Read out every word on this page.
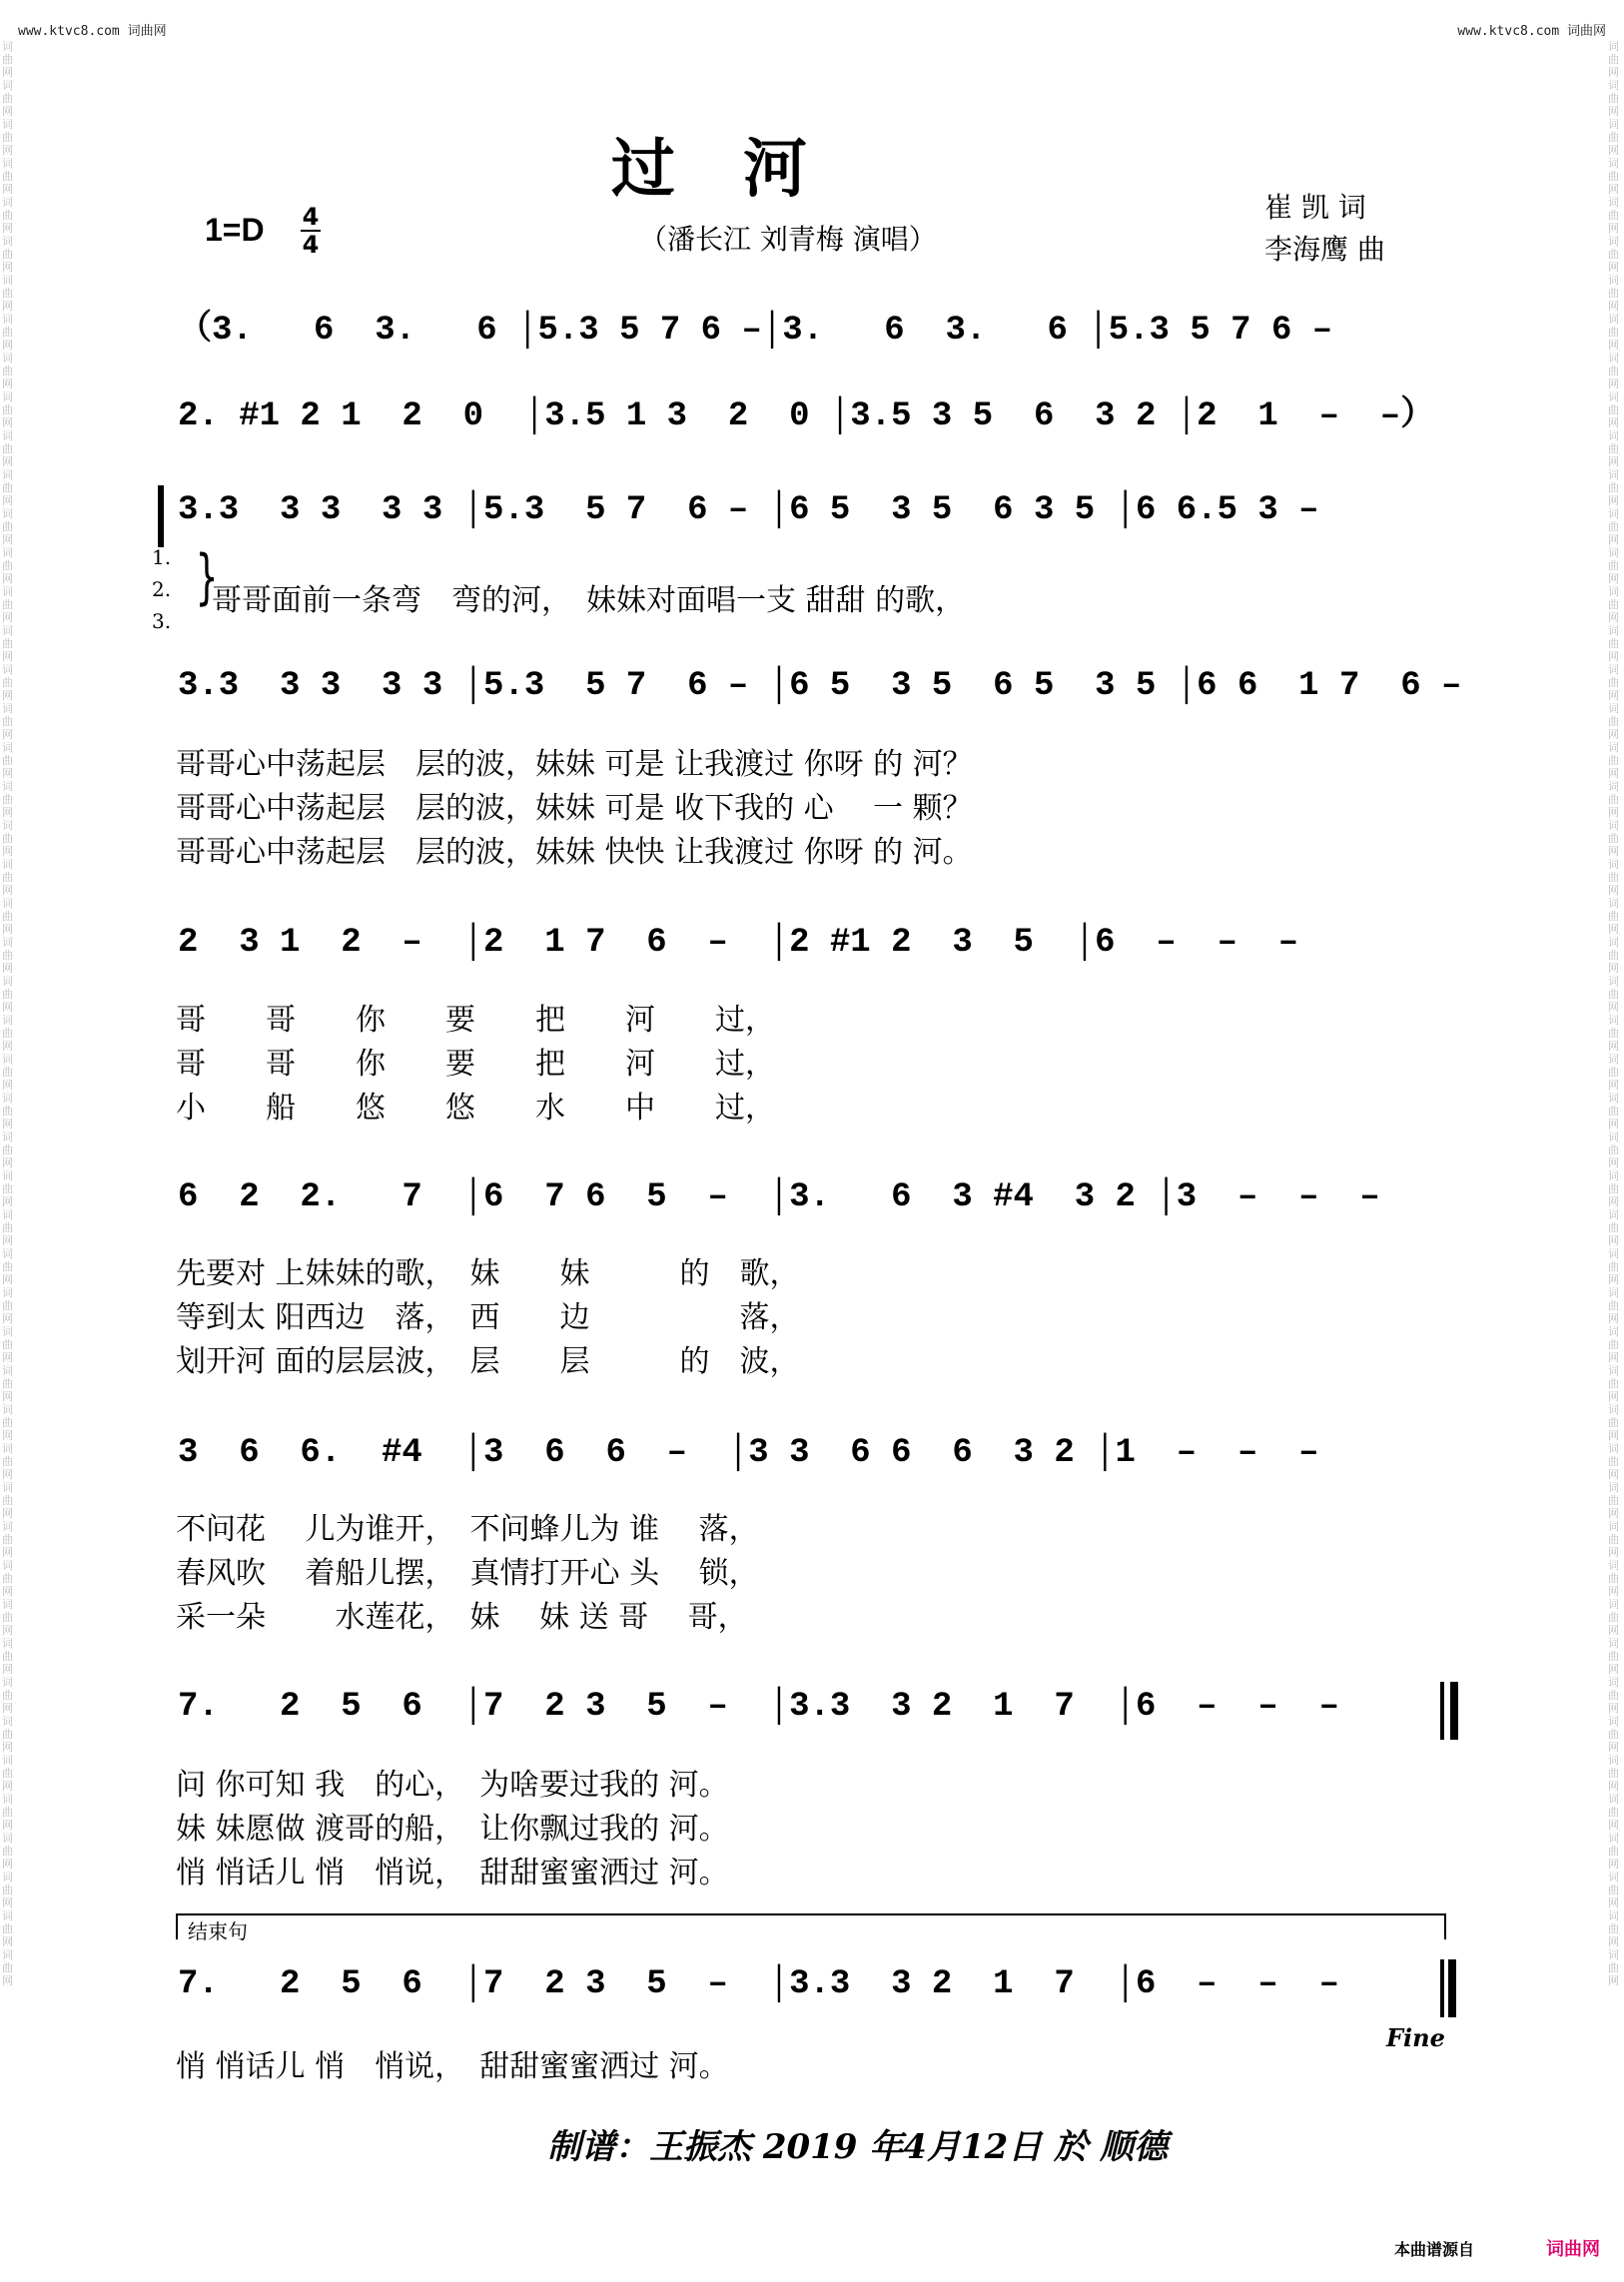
www.ktvc8.com 词曲网	www.ktvc8.com 词曲网
词曲网词曲网词曲网词曲网词曲网词曲网词曲网词曲网词曲网词曲网词曲网词曲网词曲网词曲网词曲网词曲网词曲网词曲网词曲网词曲网词曲网词曲网词曲网词曲网词曲网词曲网词曲网词曲网词曲网词曲网词曲网词曲网词曲网词曲网词曲网词曲网词曲网词曲网词曲网词曲网词曲网词曲网词曲网词曲网词曲网词曲网词曲网词曲网词曲网词曲网
词曲网词曲网词曲网词曲网词曲网词曲网词曲网词曲网词曲网词曲网词曲网词曲网词曲网词曲网词曲网词曲网词曲网词曲网词曲网词曲网词曲网词曲网词曲网词曲网词曲网词曲网词曲网词曲网词曲网词曲网词曲网词曲网词曲网词曲网词曲网词曲网词曲网词曲网词曲网词曲网词曲网词曲网词曲网词曲网词曲网词曲网词曲网词曲网词曲网词曲网
过　河
1=D 4
4	（潘长江 刘青梅 演唱）
崔 凯 词
李海鹰 曲
（3.   6  3.   6 │5.3 5 7 6 –│3.   6  3.   6 │5.3 5 7 6 –
2. #1 2 1  2  0  │3.5 1 3  2  0 │3.5 3 5  6  3 2 │2  1  –  –）
3.3  3 3  3 3 │5.3  5 7  6 – │6 5  3 5  6 3 5 │6 6.5 3 –
1.
2.
3.
}
哥哥面前一条弯　弯的河，　妹妹对面唱一支 甜甜 的歌，
3.3  3 3  3 3 │5.3  5 7  6 – │6 5  3 5  6 5  3 5 │6 6  1 7  6 –
哥哥心中荡起层　层的波，妹妹 可是 让我渡过 你呀 的 河？
哥哥心中荡起层　层的波，妹妹 可是 收下我的 心　 一 颗？
哥哥心中荡起层　层的波，妹妹 快快 让我渡过 你呀 的 河。
2  3 1  2  –  │2  1 7  6  –  │2 #1 2  3  5  │6  –  –  –
哥　　哥　　你　　要　　把　　河　　过，
哥　　哥　　你　　要　　把　　河　　过，
小　　船　　悠　　悠　　水　　中　　过，
6  2  2.   7  │6  7 6  5  –  │3.   6  3 #4  3 2 │3  –  –  –
先要对 上妹妹的歌，　妹　　妹　　　的　歌，
等到太 阳西边　落，　西　　边　　　　　落，
划开河 面的层层波，　层　　层　　　的　波，
3  6  6.  #4  │3  6  6  –  │3 3  6 6  6  3 2 │1  –  –  –
不问花　 儿为谁开，　不问蜂儿为 谁　 落，
春风吹　 着船儿摆，　真情打开心 头　 锁，
采一朵　　 水莲花，　妹　 妹 送 哥　 哥，
7.   2  5  6  │7  2 3  5  –  │3.3  3 2  1  7  │6  –  –  –
问 你可知 我　的心，　为啥要过我的 河。
妹 妹愿做 渡哥的船，　让你飘过我的 河。
悄 悄话儿 悄　悄说，　甜甜蜜蜜洒过 河。
结束句
7.   2  5  6  │7  2 3  5  –  │3.3  3 2  1  7  │6  –  –  –
Fine
悄 悄话儿 悄　悄说，　甜甜蜜蜜洒过 河。
制谱：王振杰 2019 年4月12日 於 顺德
本曲谱源自	词曲网
